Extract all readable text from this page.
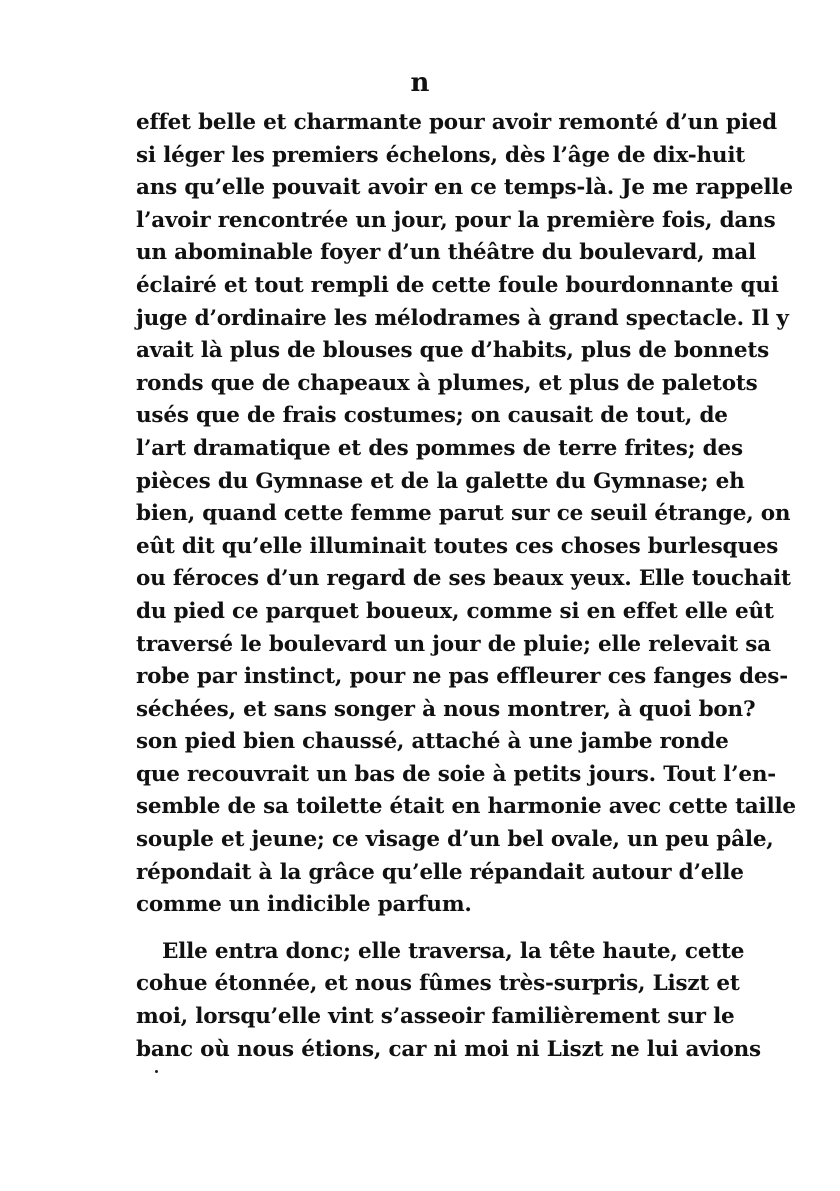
n
effet belle et charmante pour avoir remonté d’un pied
si léger les premiers échelons, dès l’âge de dix-huit
ans qu’elle pouvait avoir en ce temps-là. Je me rappelle
l’avoir rencontrée un jour, pour la première fois, dans
un abominable foyer d’un théâtre du boulevard, mal
éclairé et tout rempli de cette foule bourdonnante qui
juge d’ordinaire les mélodrames à grand spectacle. Il y
avait là plus de blouses que d’habits, plus de bonnets
ronds que de chapeaux à plumes, et plus de paletots
usés que de frais costumes; on causait de tout, de
l’art dramatique et des pommes de terre frites; des
pièces du Gymnase et de la galette du Gymnase; eh
bien, quand cette femme parut sur ce seuil étrange, on
eût dit qu’elle illuminait toutes ces choses burlesques
ou féroces d’un regard de ses beaux yeux. Elle touchait
du pied ce parquet boueux, comme si en effet elle eût
traversé le boulevard un jour de pluie; elle relevait sa
robe par instinct, pour ne pas effleurer ces fanges des-
séchées, et sans songer à nous montrer, à quoi bon?
son pied bien chaussé, attaché à une jambe ronde
que recouvrait un bas de soie à petits jours. Tout l’en-
semble de sa toilette était en harmonie avec cette taille
souple et jeune; ce visage d’un bel ovale, un peu pâle,
répondait à la grâce qu’elle répandait autour d’elle
comme un indicible parfum.
Elle entra donc; elle traversa, la tête haute, cette
cohue étonnée, et nous fûmes très-surpris, Liszt et
moi, lorsqu’elle vint s’asseoir familièrement sur le
banc où nous étions, car ni moi ni Liszt ne lui avions
